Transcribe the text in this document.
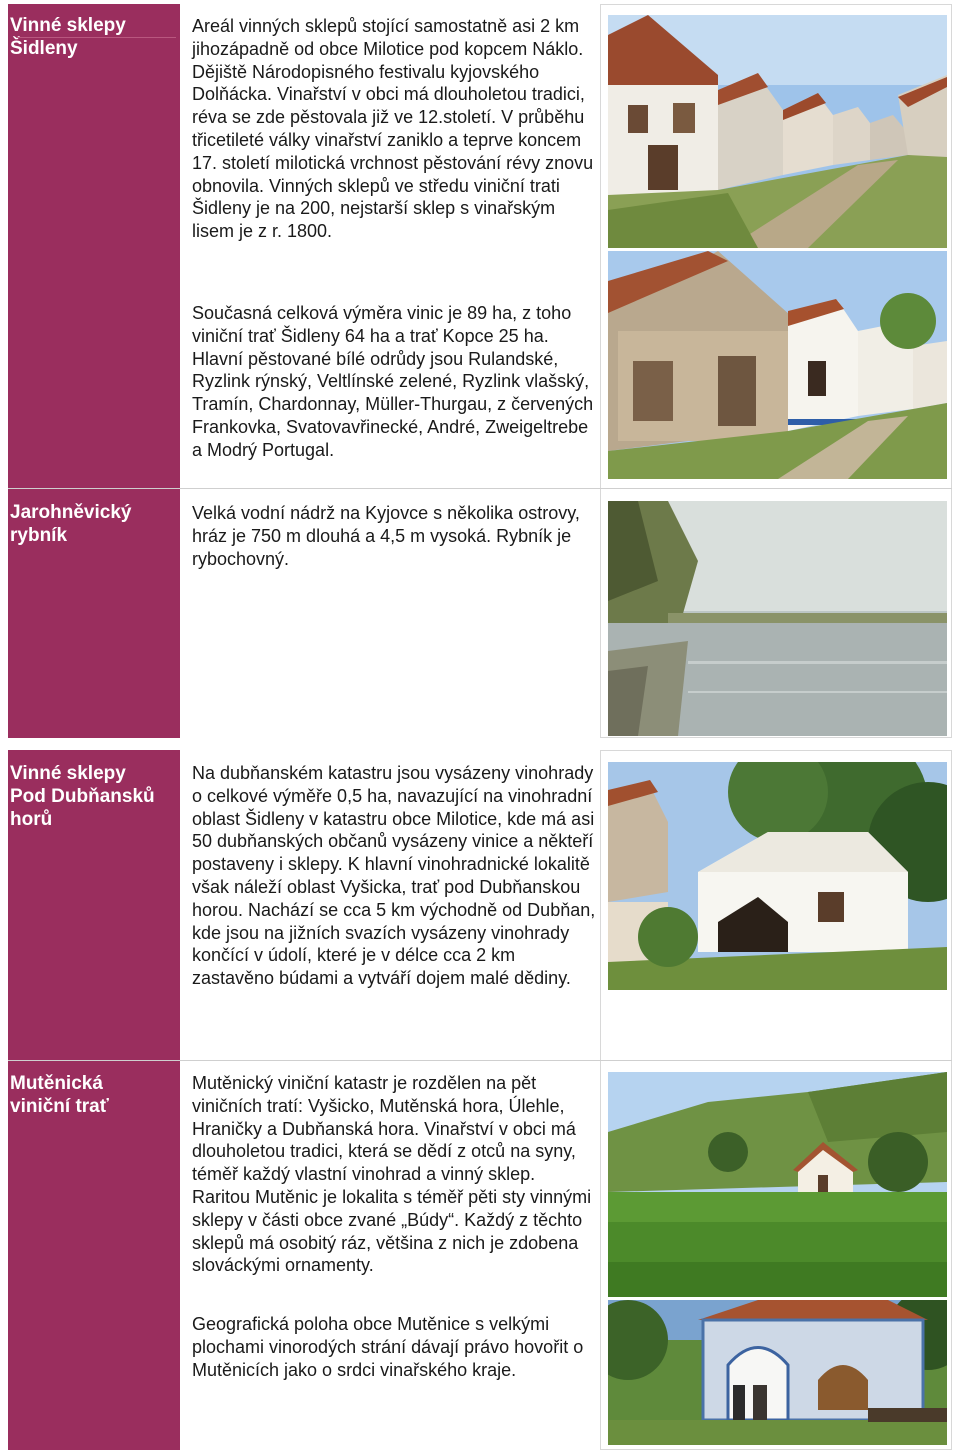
Vinné sklepy
Šidleny

Areál vinných sklepů stojící samostatně asi 2 km jihozápadně od obce Milotice pod kopcem Náklo. Dějiště Národopisného festivalu kyjovského Dolňácka. Vinařství v obci má dlouholetou tradici, réva se zde pěstovala již ve 12.století. V průběhu třicetileté války vinařství zaniklo a teprve koncem 17. století milotická vrchnost pěstování révy znovu obnovila. Vinných sklepů ve středu viniční trati Šidleny je na 200, nejstarší sklep s vinařským lisem je z r. 1800.

Současná celková výměra vinic je 89 ha, z toho viniční trať Šidleny 64 ha a trať Kopce 25 ha. Hlavní pěstované bílé odrůdy jsou Rulandské, Ryzlink rýnský, Veltlínské zelené, Ryzlink vlašský, Tramín, Chardonnay, Müller-Thurgau, z červených Frankovka, Svatovavřinecké, André, Zweigeltrebe a Modrý Portugal.

Jarohněvický
rybník

Velká vodní nádrž na Kyjovce s několika ostrovy, hráz je 750 m dlouhá a 4,5 m vysoká. Rybník je rybochovný.

Vinné sklepy
Pod Dubňansků
horů

Na dubňanském katastru jsou vysázeny vinohrady o celkové výměře 0,5 ha, navazující na vinohradní oblast Šidleny v katastru obce Milotice, kde má asi 50 dubňanských občanů vysázeny vinice a někteří postaveny i sklepy. K hlavní vinohradnické lokalitě však náleží oblast Vyšicka, trať pod Dubňanskou horou. Nachází se cca 5 km východně od Dubňan, kde jsou na jižních svazích vysázeny vinohrady končící v údolí, které je v délce cca 2 km zastavěno búdami a vytváří dojem malé dědiny.

Mutěnická
viniční trať

Mutěnický viniční katastr je rozdělen na pět viničních tratí: Vyšicko, Mutěnská hora, Úlehle, Hraničky a Dubňanská hora. Vinařství v obci má dlouholetou tradici, která se dědí z otců na syny, téměř každý vlastní vinohrad a vinný sklep. Raritou Mutěnic je lokalita s téměř pěti sty vinnými sklepy v části obce zvané „Búdy“. Každý z těchto sklepů má osobitý ráz, většina z nich je zdobena slováckými ornamenty.

Geografická poloha obce Mutěnice s velkými plochami vinorodých strání dávají právo hovořit o Mutěnicích jako o srdci vinařského kraje.
